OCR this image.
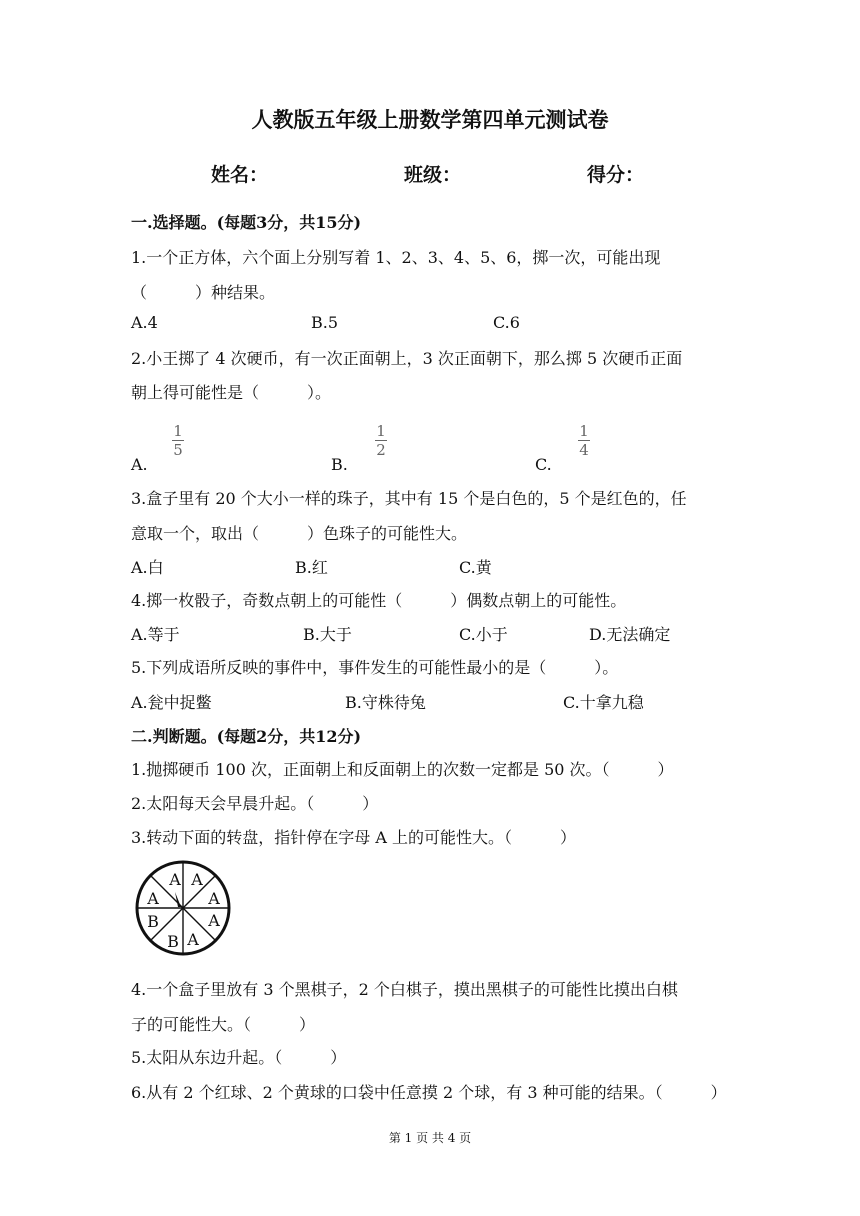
人教版五年级上册数学第四单元测试卷
姓名：	班级：	得分：
一.选择题。(每题3分，共15分)
1.一个正方体，六个面上分别写着 1、2、3、4、5、6，掷一次，可能出现
（　　　）种结果。
A.4	B.5	C.6
2.小王掷了 4 次硬币，有一次正面朝上，3 次正面朝下，那么掷 5 次硬币正面
朝上得可能性是（　　　）。
A.
1
5
B.
1
2
C.
1
4
3.盒子里有 20 个大小一样的珠子，其中有 15 个是白色的，5 个是红色的，任
意取一个，取出（　　　）色珠子的可能性大。
A.白	B.红	C.黄
4.掷一枚骰子，奇数点朝上的可能性（　　　）偶数点朝上的可能性。
A.等于	B.大于	C.小于	D.无法确定
5.下列成语所反映的事件中，事件发生的可能性最小的是（　　　）。
A.瓮中捉鳖	B.守株待兔	C.十拿九稳
二.判断题。(每题2分，共12分)
1.抛掷硬币 100 次，正面朝上和反面朝上的次数一定都是 50 次。（　　　）
2.太阳每天会早晨升起。（　　　）
3.转动下面的转盘，指针停在字母 A 上的可能性大。（　　　）
A A
A
A
A
B
B A
4.一个盒子里放有 3 个黑棋子，2 个白棋子，摸出黑棋子的可能性比摸出白棋
子的可能性大。（　　　）
5.太阳从东边升起。（　　　）
6.从有 2 个红球、2 个黄球的口袋中任意摸 2 个球，有 3 种可能的结果。（　　　）
第 1 页 共 4 页
